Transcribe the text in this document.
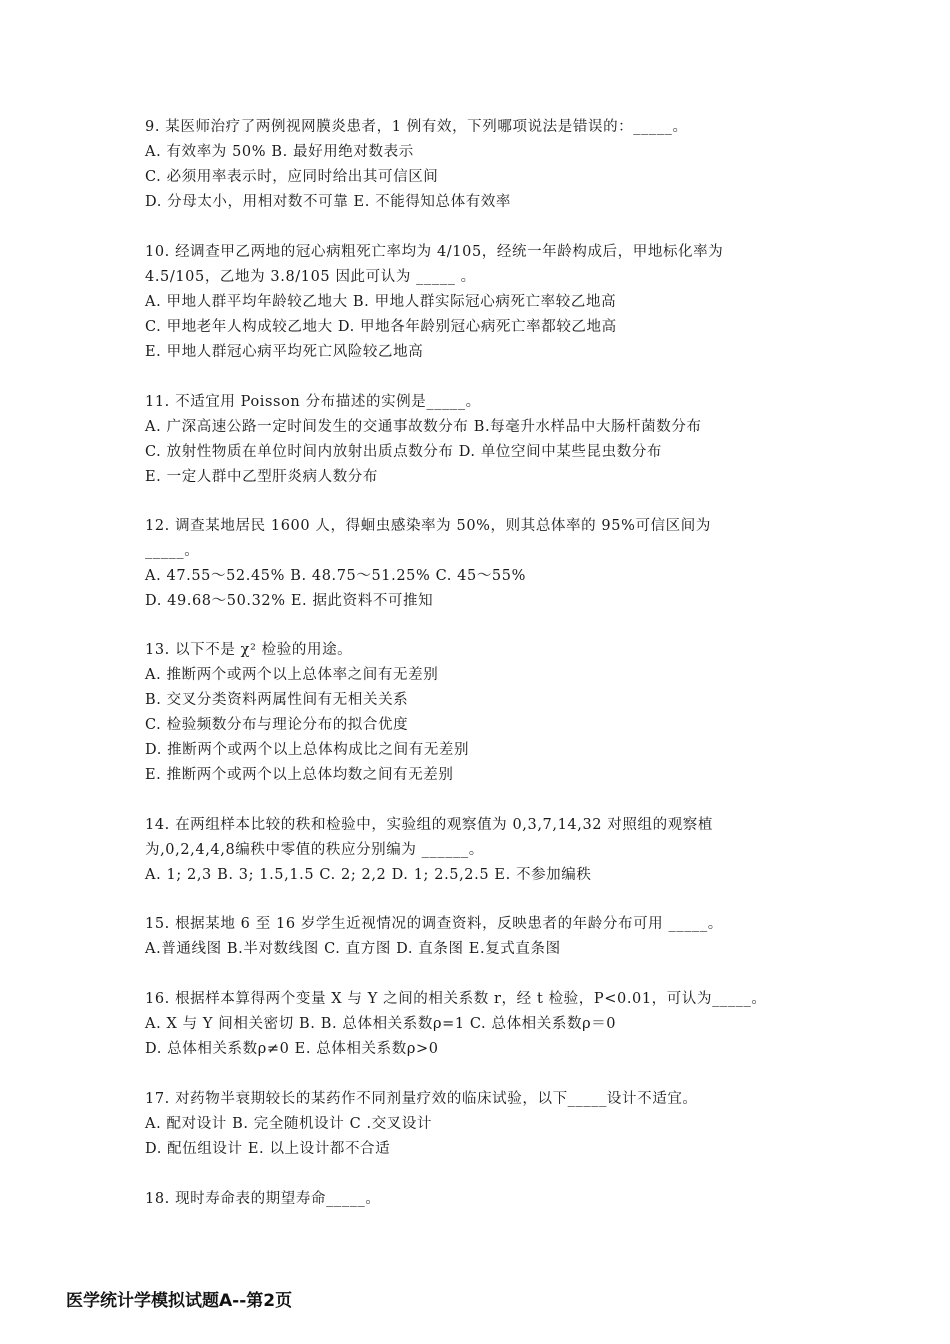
9. 某医师治疗了两例视网膜炎患者，1 例有效，下列哪项说法是错误的：_____。
A. 有效率为 50% B. 最好用绝对数表示
C. 必须用率表示时，应同时给出其可信区间
D. 分母太小，用相对数不可靠 E. 不能得知总体有效率
10. 经调查甲乙两地的冠心病粗死亡率均为 4/105，经统一年龄构成后，甲地标化率为
4.5/105，乙地为 3.8/105 因此可认为 _____ 。
A. 甲地人群平均年龄较乙地大 B. 甲地人群实际冠心病死亡率较乙地高
C. 甲地老年人构成较乙地大 D. 甲地各年龄别冠心病死亡率都较乙地高
E. 甲地人群冠心病平均死亡风险较乙地高
11. 不适宜用 Poisson 分布描述的实例是_____。
A. 广深高速公路一定时间发生的交通事故数分布 B.每毫升水样品中大肠杆菌数分布
C. 放射性物质在单位时间内放射出质点数分布 D. 单位空间中某些昆虫数分布
E. 一定人群中乙型肝炎病人数分布
12. 调查某地居民 1600 人，得蛔虫感染率为 50%，则其总体率的 95%可信区间为
_____。
A. 47.55～52.45% B. 48.75～51.25% C. 45～55%
D. 49.68～50.32% E. 据此资料不可推知
13. 以下不是 χ² 检验的用途。
A. 推断两个或两个以上总体率之间有无差别
B. 交叉分类资料两属性间有无相关关系
C. 检验频数分布与理论分布的拟合优度
D. 推断两个或两个以上总体构成比之间有无差别
E. 推断两个或两个以上总体均数之间有无差别
14. 在两组样本比较的秩和检验中，实验组的观察值为 0,3,7,14,32 对照组的观察植
为,0,2,4,4,8编秩中零值的秩应分别编为 ______。
A. 1; 2,3 B. 3; 1.5,1.5 C. 2; 2,2 D. 1; 2.5,2.5 E. 不参加编秩
15. 根据某地 6 至 16 岁学生近视情况的调查资料，反映患者的年龄分布可用 _____。
A.普通线图 B.半对数线图 C. 直方图 D. 直条图 E.复式直条图
16. 根据样本算得两个变量 X 与 Y 之间的相关系数 r，经 t 检验，P<0.01，可认为_____。
A. X 与 Y 间相关密切 B. B. 总体相关系数ρ=1 C. 总体相关系数ρ＝0
D. 总体相关系数ρ≠0 E. 总体相关系数ρ>0
17. 对药物半衰期较长的某药作不同剂量疗效的临床试验，以下_____设计不适宜。
A. 配对设计 B. 完全随机设计 C .交叉设计
D. 配伍组设计 E. 以上设计都不合适
18. 现时寿命表的期望寿命_____。
医学统计学模拟试题A--第2页
